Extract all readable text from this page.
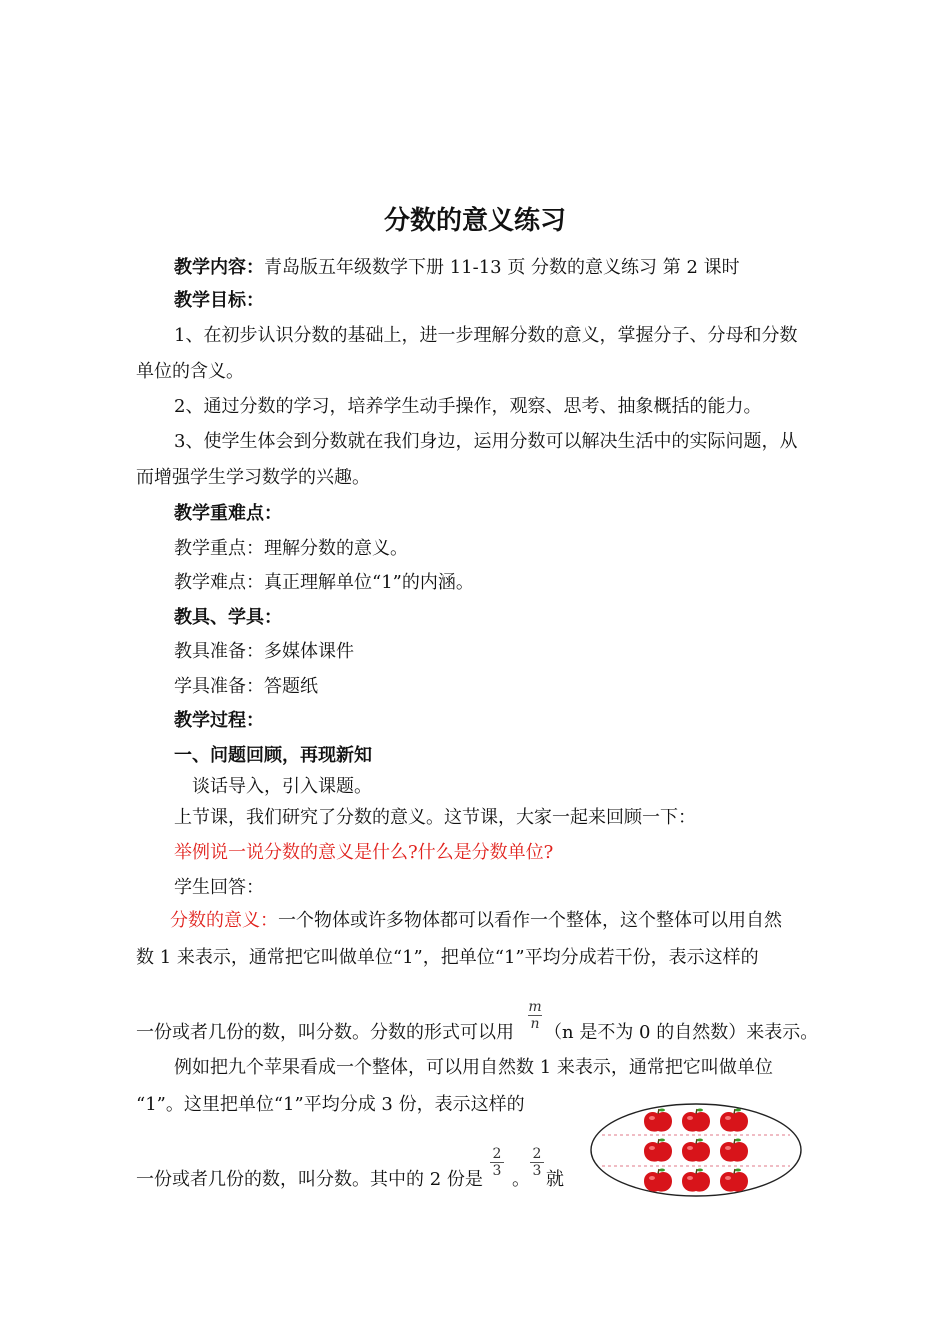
分数的意义练习
教学内容：青岛版五年级数学下册 11-13 页 分数的意义练习 第 2 课时
教学目标：
1、在初步认识分数的基础上，进一步理解分数的意义，掌握分子、分母和分数
单位的含义。
2、通过分数的学习，培养学生动手操作，观察、思考、抽象概括的能力。
3、使学生体会到分数就在我们身边，运用分数可以解决生活中的实际问题，从
而增强学生学习数学的兴趣。
教学重难点：
教学重点：理解分数的意义。
教学难点：真正理解单位“1”的内涵。
教具、学具：
教具准备：多媒体课件
学具准备：答题纸
教学过程：
一、问题回顾，再现新知
谈话导入，引入课题。
上节课，我们研究了分数的意义。这节课，大家一起来回顾一下：
举例说一说分数的意义是什么?什么是分数单位?
学生回答：
分数的意义：一个物体或许多物体都可以看作一个整体，这个整体可以用自然
数 1 来表示，通常把它叫做单位“1”，把单位“1”平均分成若干份，表示这样的
一份或者几份的数，叫分数。分数的形式可以用
$\frac{m}{n}$
（n 是不为 0 的自然数）来表示。
例如把九个苹果看成一个整体，可以用自然数 1 来表示，通常把它叫做单位
“1”。这里把单位“1”平均分成 3 份，表示这样的
一份或者几份的数，叫分数。其中的 2 份是
$\frac{2}{3}$
。
$\frac{2}{3}$
就
